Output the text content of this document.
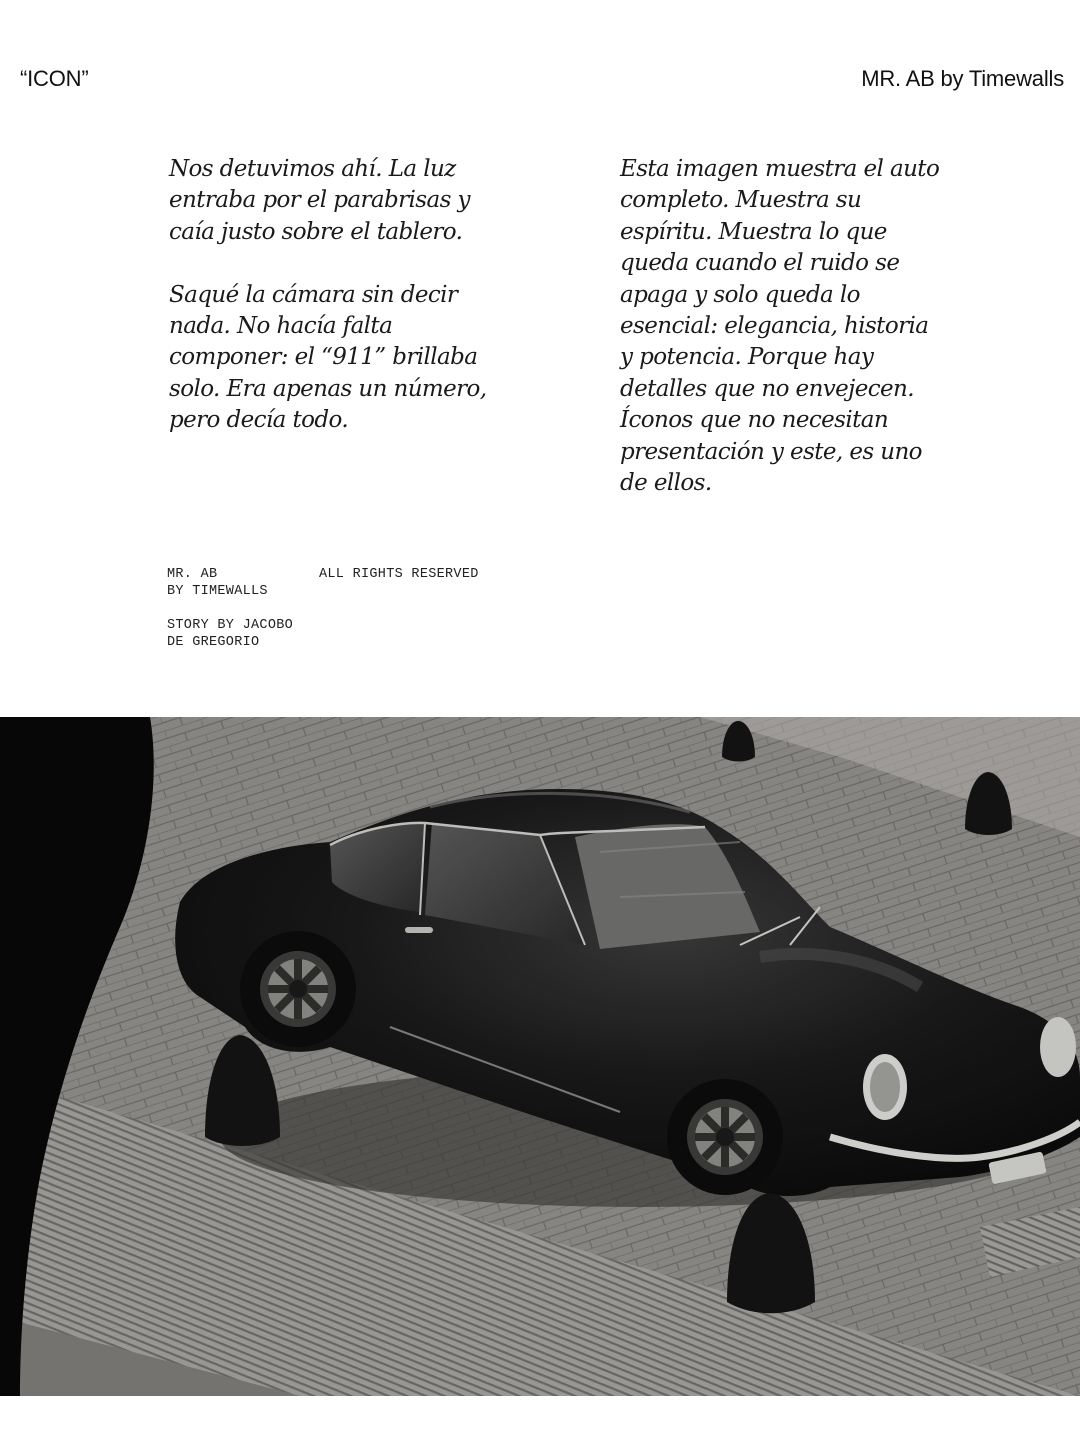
“ICON”	MR. AB by Timewalls

Nos detuvimos ahí. La luz entraba por el parabrisas y caía justo sobre el tablero.

Saqué la cámara sin decir nada. No hacía falta componer: el “911” brillaba solo. Era apenas un número, pero decía todo.

Esta imagen muestra el auto completo. Muestra su espíritu. Muestra lo que queda cuando el ruido se apaga y solo queda lo esencial: elegancia, historia y potencia. Porque hay detalles que no envejecen. Íconos que no necesitan presentación y este, es uno de ellos.

MR. AB
BY TIMEWALLS
ALL RIGHTS RESERVED
STORY BY JACOBO
DE GREGORIO
